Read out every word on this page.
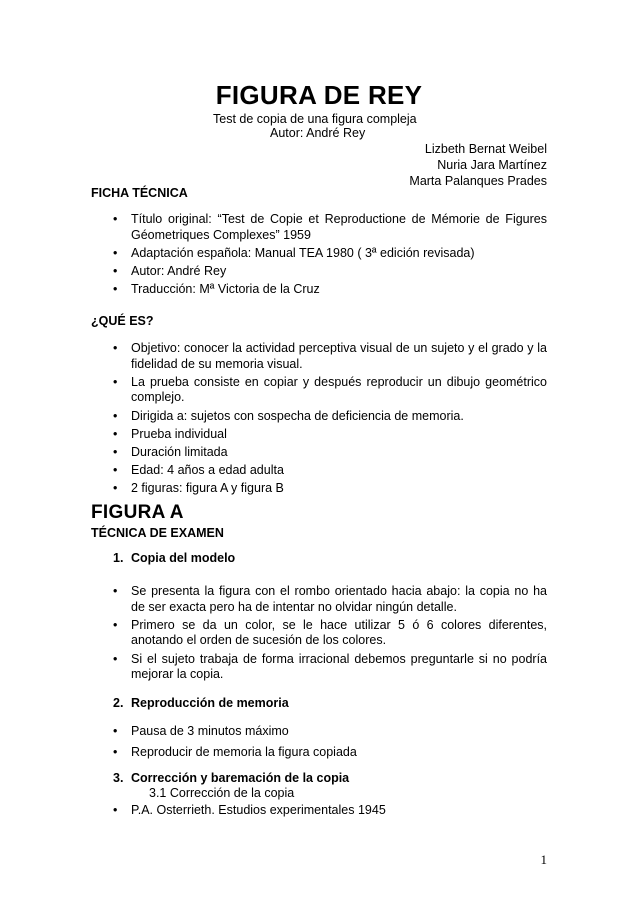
FIGURA DE REY
Test de copia de una figura compleja
Autor: André Rey
Lizbeth Bernat Weibel
Nuria Jara Martínez
Marta Palanques Prades
FICHA TÉCNICA
• Título original: “Test de Copie et Reproductione de Mémorie de Figures Géometriques Complexes” 1959
• Adaptación española: Manual TEA 1980 ( 3ª edición revisada)
• Autor: André Rey
• Traducción: Mª Victoria de la Cruz
¿QUÉ ES?
• Objetivo: conocer la actividad perceptiva visual de un sujeto y el grado y la fidelidad de su memoria visual.
• La prueba consiste en copiar y después reproducir un dibujo geométrico complejo.
• Dirigida a: sujetos con sospecha de deficiencia de memoria.
• Prueba individual
• Duración limitada
• Edad: 4 años a edad adulta
• 2 figuras: figura A y figura B
FIGURA A
TÉCNICA DE EXAMEN
1. Copia del modelo
• Se presenta la figura con el rombo orientado hacia abajo: la copia no ha de ser exacta pero ha de intentar no olvidar ningún detalle.
• Primero se da un color, se le hace utilizar 5 ó 6 colores diferentes, anotando el orden de sucesión de los colores.
• Si el sujeto trabaja de forma irracional debemos preguntarle si no podría mejorar la copia.
2. Reproducción de memoria
• Pausa de 3 minutos máximo
• Reproducir de memoria la figura copiada
3. Corrección y baremación de la copia
3.1 Corrección de la copia
• P.A. Osterrieth. Estudios experimentales 1945
1
